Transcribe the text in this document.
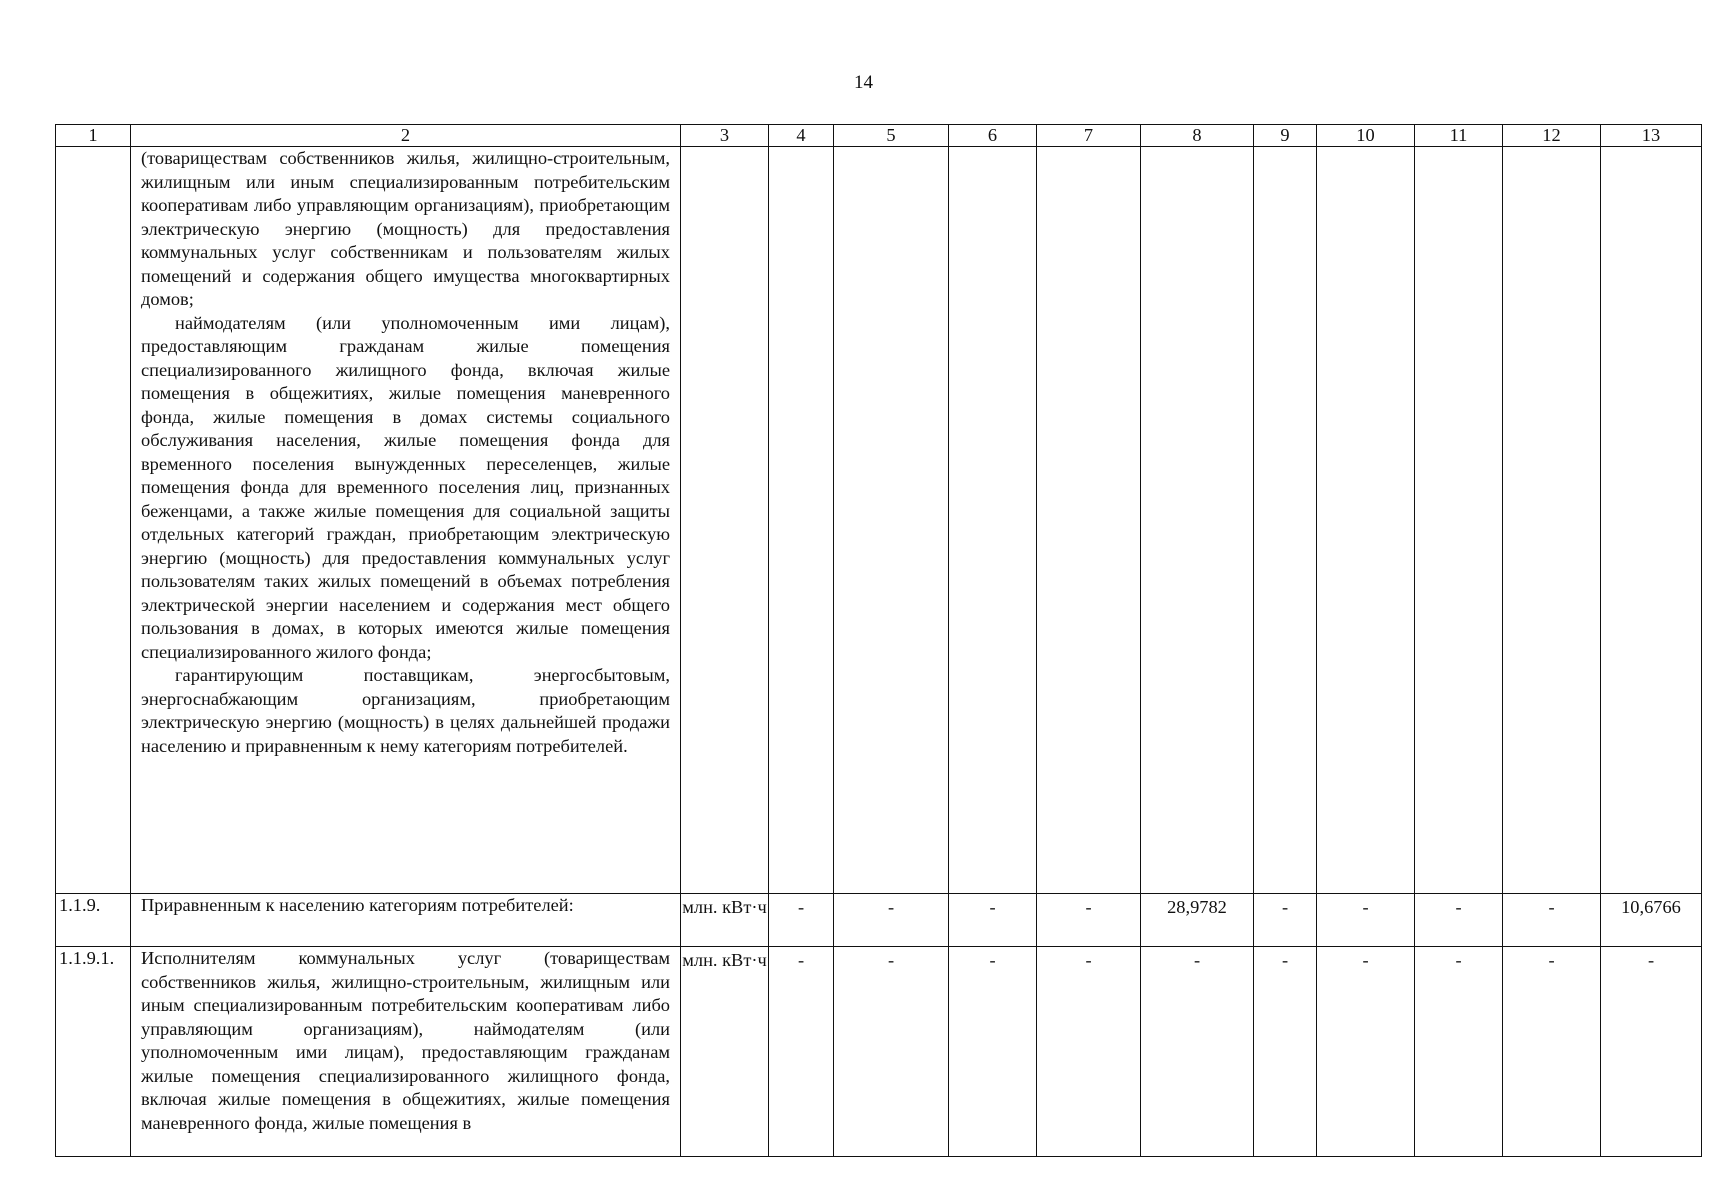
14
1	2	3	4	5	6	7	8	9	10	11	12	13

	(товариществам собственников жилья, жилищно-строительным, жилищным или иным специализированным потребительским кооперативам либо управляющим организациям), приобретающим электрическую энергию (мощность) для предоставления коммунальных услуг собственникам и пользователям жилых помещений и содержания общего имущества многоквартирных домов;

наймодателям (или уполномоченным ими лицам), предоставляющим гражданам жилые помещения специализированного жилищного фонда, включая жилые помещения в общежитиях, жилые помещения маневренного фонда, жилые помещения в домах системы социального обслуживания населения, жилые помещения фонда для временного поселения вынужденных переселенцев, жилые помещения фонда для временного поселения лиц, признанных беженцами, а также жилые помещения для социальной защиты отдельных категорий граждан, приобретающим электрическую энергию (мощность) для предоставления коммунальных услуг пользователям таких жилых помещений в объемах потребления электрической энергии населением и содержания мест общего пользования в домах, в которых имеются жилые помещения специализированного жилого фонда;

гарантирующим поставщикам, энергосбытовым, энергоснабжающим организациям, приобретающим электрическую энергию (мощность) в целях дальнейшей продажи населению и приравненным к нему категориям потребителей.											

1.1.9.	Приравненным к населению категориям потребителей:	млн. кВт·ч	-	-	-	-	28,9782	-	-	-	-	10,6766
1.1.9.1.	Исполнителям коммунальных услуг (товариществам собственников жилья, жилищно-строительным, жилищным или иным специализированным потребительским кооперативам либо управляющим организациям), наймодателям (или уполномоченным ими лицам), предоставляющим гражданам жилые помещения специализированного жилищного фонда, включая жилые помещения в общежитиях, жилые помещения маневренного фонда, жилые помещения в	млн. кВт·ч	-	-	-	-	-	-	-	-	-	-
